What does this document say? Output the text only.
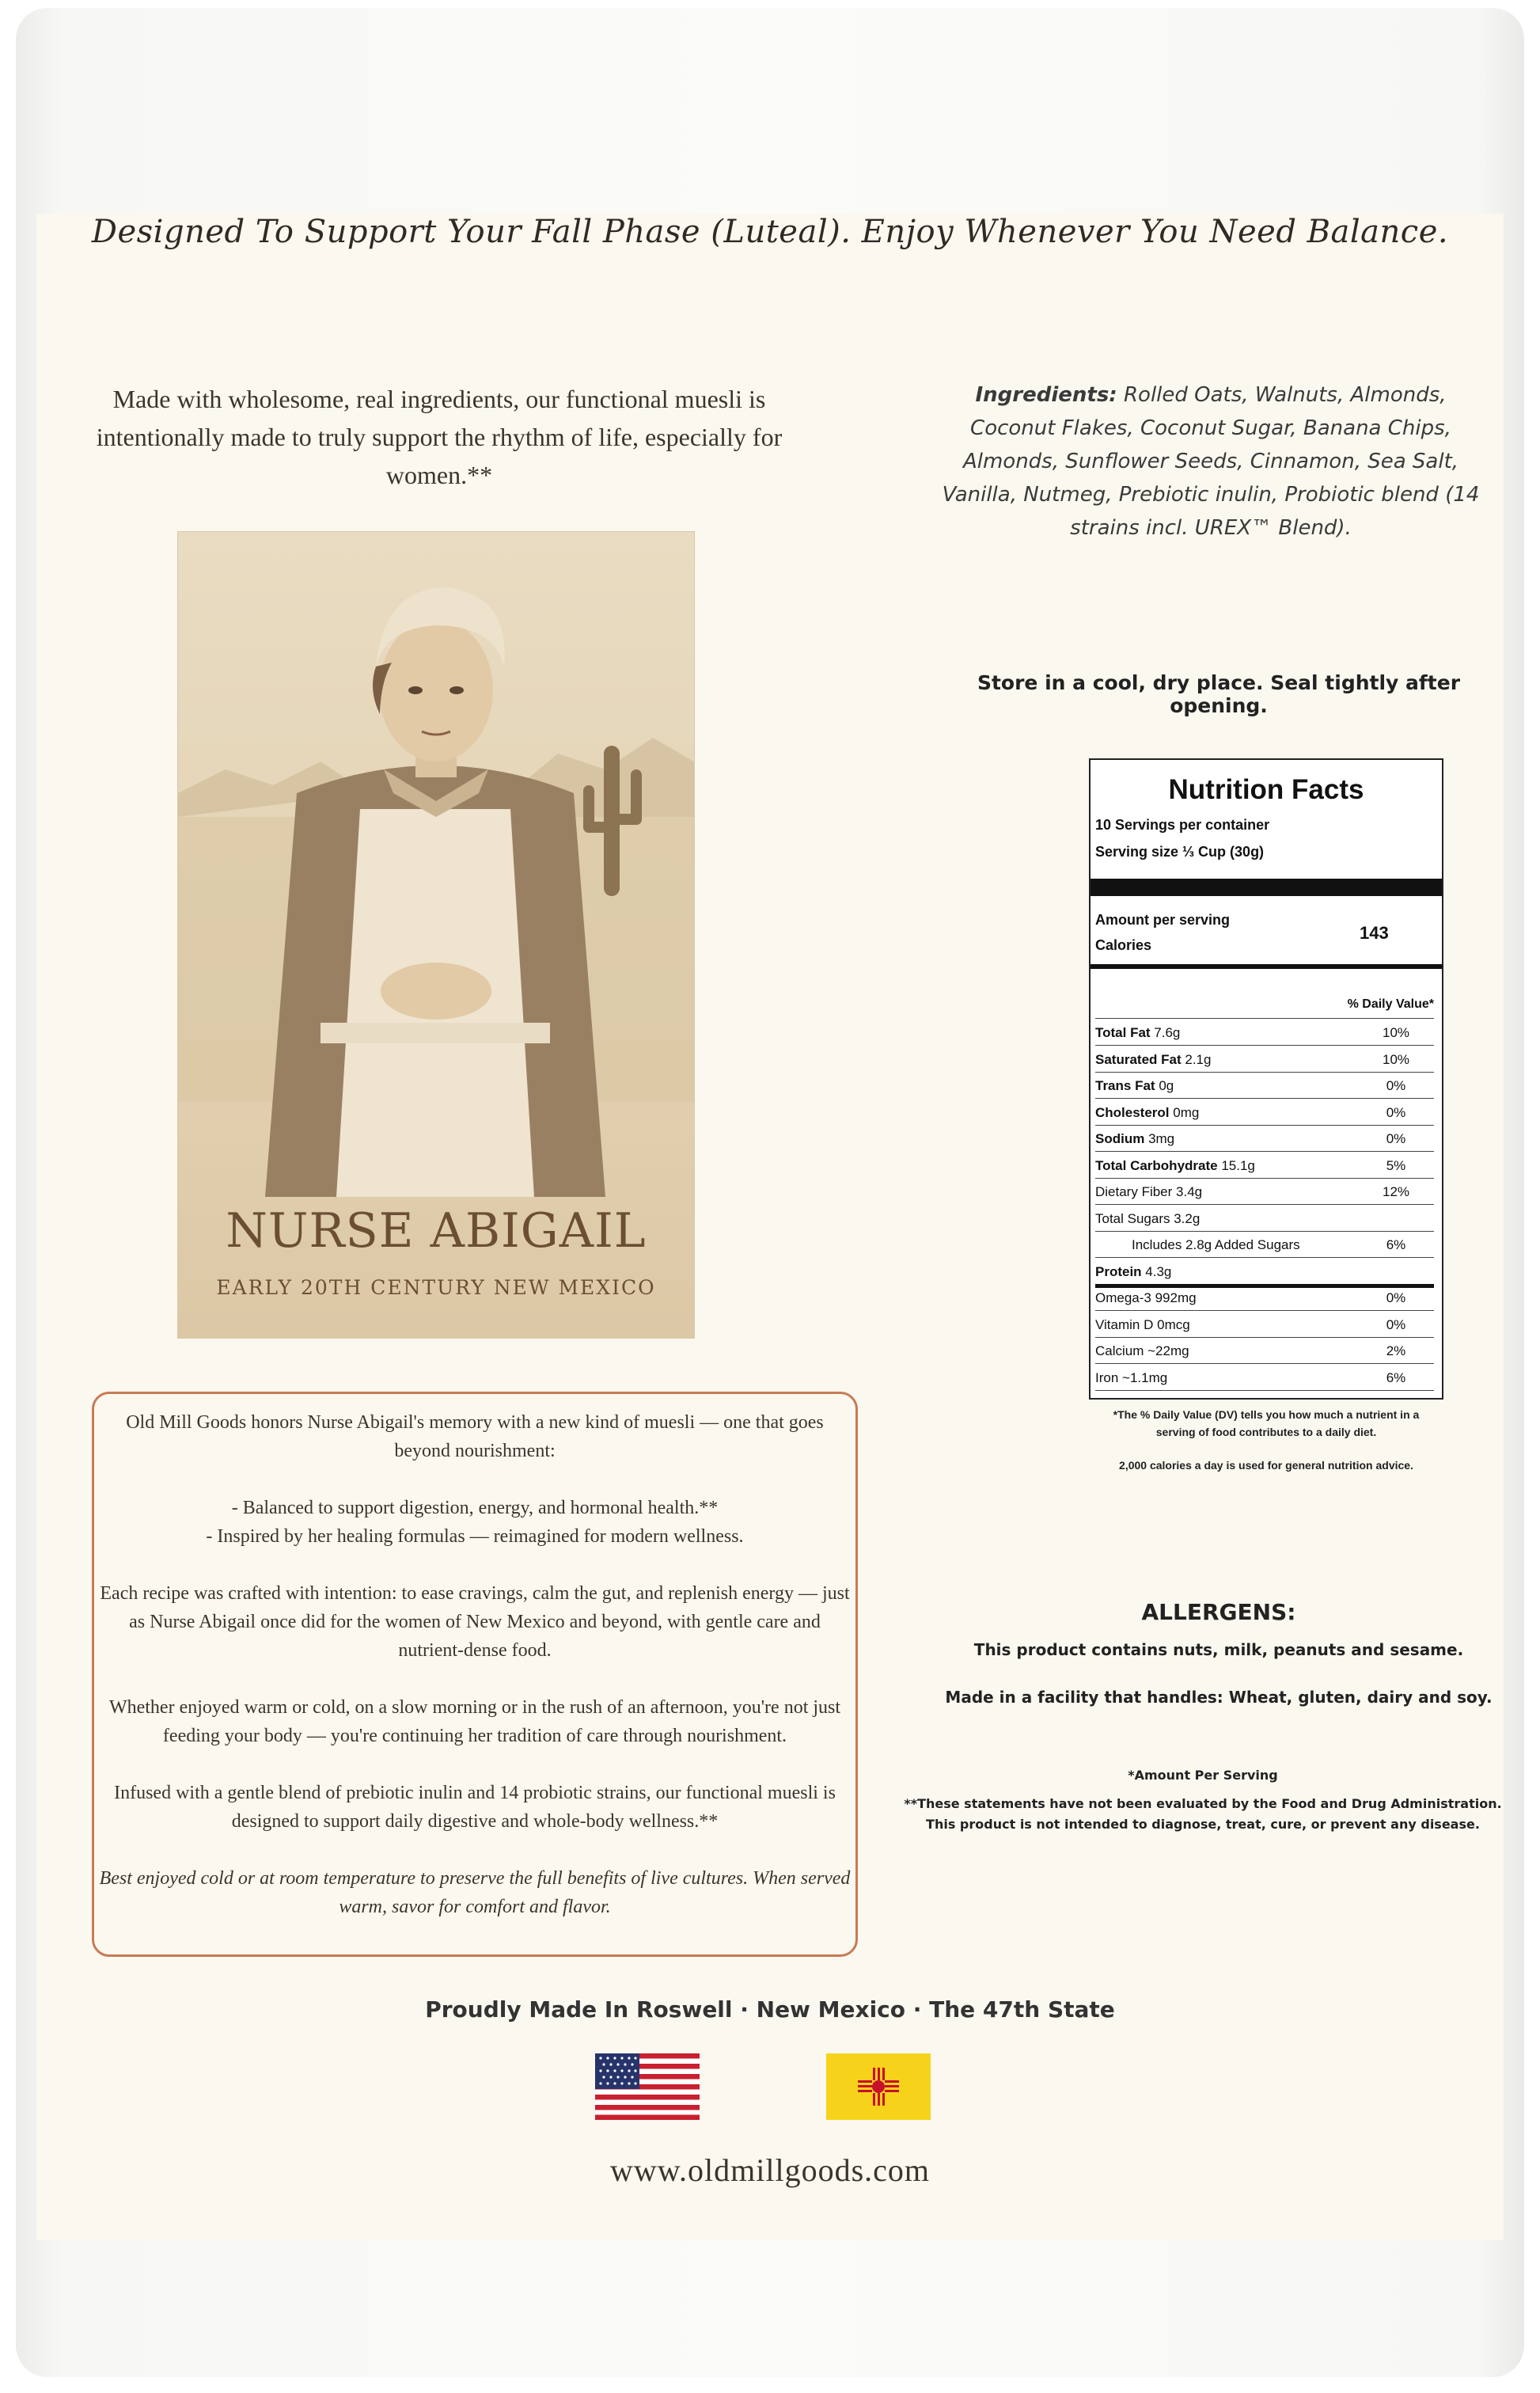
Designed To Support Your Fall Phase (Luteal). Enjoy Whenever You Need Balance.
Made with wholesome, real ingredients, our functional muesli is intentionally made to truly support the rhythm of life, especially for women.**
Ingredients: Rolled Oats, Walnuts, Almonds, Coconut Flakes, Coconut Sugar, Banana Chips, Almonds, Sunflower Seeds, Cinnamon, Sea Salt, Vanilla, Nutmeg, Prebiotic inulin, Probiotic blend (14 strains incl. UREX™ Blend).
Store in a cool, dry place. Seal tightly after opening.
NURSE ABIGAIL
EARLY 20TH CENTURY NEW MEXICO

Old Mill Goods honors Nurse Abigail's memory with a new kind of muesli — one that goes beyond nourishment:

- Balanced to support digestion, energy, and hormonal health.**

- Inspired by her healing formulas — reimagined for modern wellness.

Each recipe was crafted with intention: to ease cravings, calm the gut, and replenish energy — just as Nurse Abigail once did for the women of New Mexico and beyond, with gentle care and nutrient-dense food.

Whether enjoyed warm or cold, on a slow morning or in the rush of an afternoon, you're not just feeding your body — you're continuing her tradition of care through nourishment.

Infused with a gentle blend of prebiotic inulin and 14 probiotic strains, our functional muesli is designed to support daily digestive and whole-body wellness.**

Best enjoyed cold or at room temperature to preserve the full benefits of live cultures. When served warm, savor for comfort and flavor.

Nutrition Facts
10 Servings per container
Serving size ⅓ Cup (30g)
Amount per serving
Calories
143
% Daily Value*
Total Fat 7.6g	10%
Saturated Fat 2.1g	10%
Trans Fat 0g	0%
Cholesterol 0mg	0%
Sodium 3mg	0%
Total Carbohydrate 15.1g	5%
Dietary Fiber 3.4g	12%
Total Sugars 3.2g
Includes 2.8g Added Sugars	6%
Protein 4.3g
Omega-3 992mg	0%
Vitamin D 0mcg	0%
Calcium ~22mg	2%
Iron ~1.1mg	6%
*The % Daily Value (DV) tells you how much a nutrient in a serving of food contributes to a daily diet.
2,000 calories a day is used for general nutrition advice.
ALLERGENS:
This product contains nuts, milk, peanuts and sesame.
Made in a facility that handles: Wheat, gluten, dairy and soy.
*Amount Per Serving
**These statements have not been evaluated by the Food and Drug Administration.
This product is not intended to diagnose, treat, cure, or prevent any disease.
Proudly Made In Roswell · New Mexico · The 47th State
www.oldmillgoods.com
